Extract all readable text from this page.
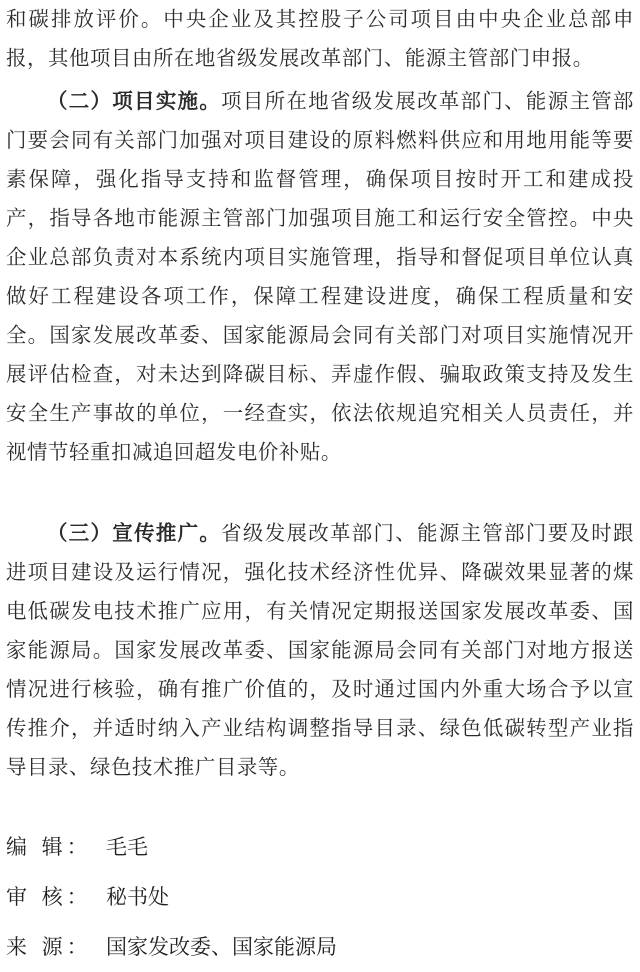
和碳排放评价。中央企业及其控股子公司项目由中央企业总部申报，其他项目由所在地省级发展改革部门、能源主管部门申报。

（二）项目实施。项目所在地省级发展改革部门、能源主管部门要会同有关部门加强对项目建设的原料燃料供应和用地用能等要素保障，强化指导支持和监督管理，确保项目按时开工和建成投产，指导各地市能源主管部门加强项目施工和运行安全管控。中央企业总部负责对本系统内项目实施管理，指导和督促项目单位认真做好工程建设各项工作，保障工程建设进度，确保工程质量和安全。国家发展改革委、国家能源局会同有关部门对项目实施情况开展评估检查，对未达到降碳目标、弄虚作假、骗取政策支持及发生安全生产事故的单位，一经查实，依法依规追究相关人员责任，并视情节轻重扣减追回超发电价补贴。

（三）宣传推广。省级发展改革部门、能源主管部门要及时跟进项目建设及运行情况，强化技术经济性优异、降碳效果显著的煤电低碳发电技术推广应用，有关情况定期报送国家发展改革委、国家能源局。国家发展改革委、国家能源局会同有关部门对地方报送情况进行核验，确有推广价值的，及时通过国内外重大场合予以宣传推介，并适时纳入产业结构调整指导目录、绿色低碳转型产业指导目录、绿色技术推广目录等。

编 辑： 毛毛
审 核： 秘书处
来 源： 国家发改委、国家能源局
